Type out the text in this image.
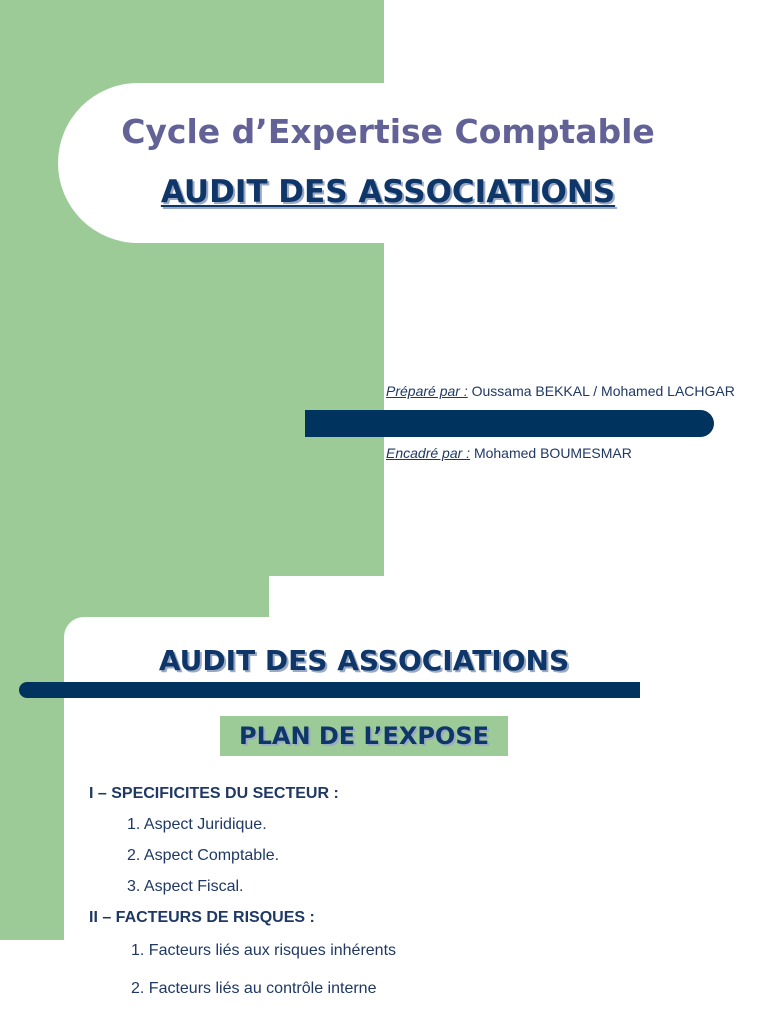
Cycle d’Expertise Comptable
AUDIT DES ASSOCIATIONS
Préparé par : Oussama BEKKAL / Mohamed LACHGAR
Encadré par : Mohamed BOUMESMAR
AUDIT DES ASSOCIATIONS
PLAN DE L’EXPOSE
I – SPECIFICITES DU SECTEUR :
1. Aspect Juridique.
2. Aspect Comptable.
3. Aspect Fiscal.
II – FACTEURS DE RISQUES :
1. Facteurs liés aux risques inhérents
2. Facteurs liés au contrôle interne
